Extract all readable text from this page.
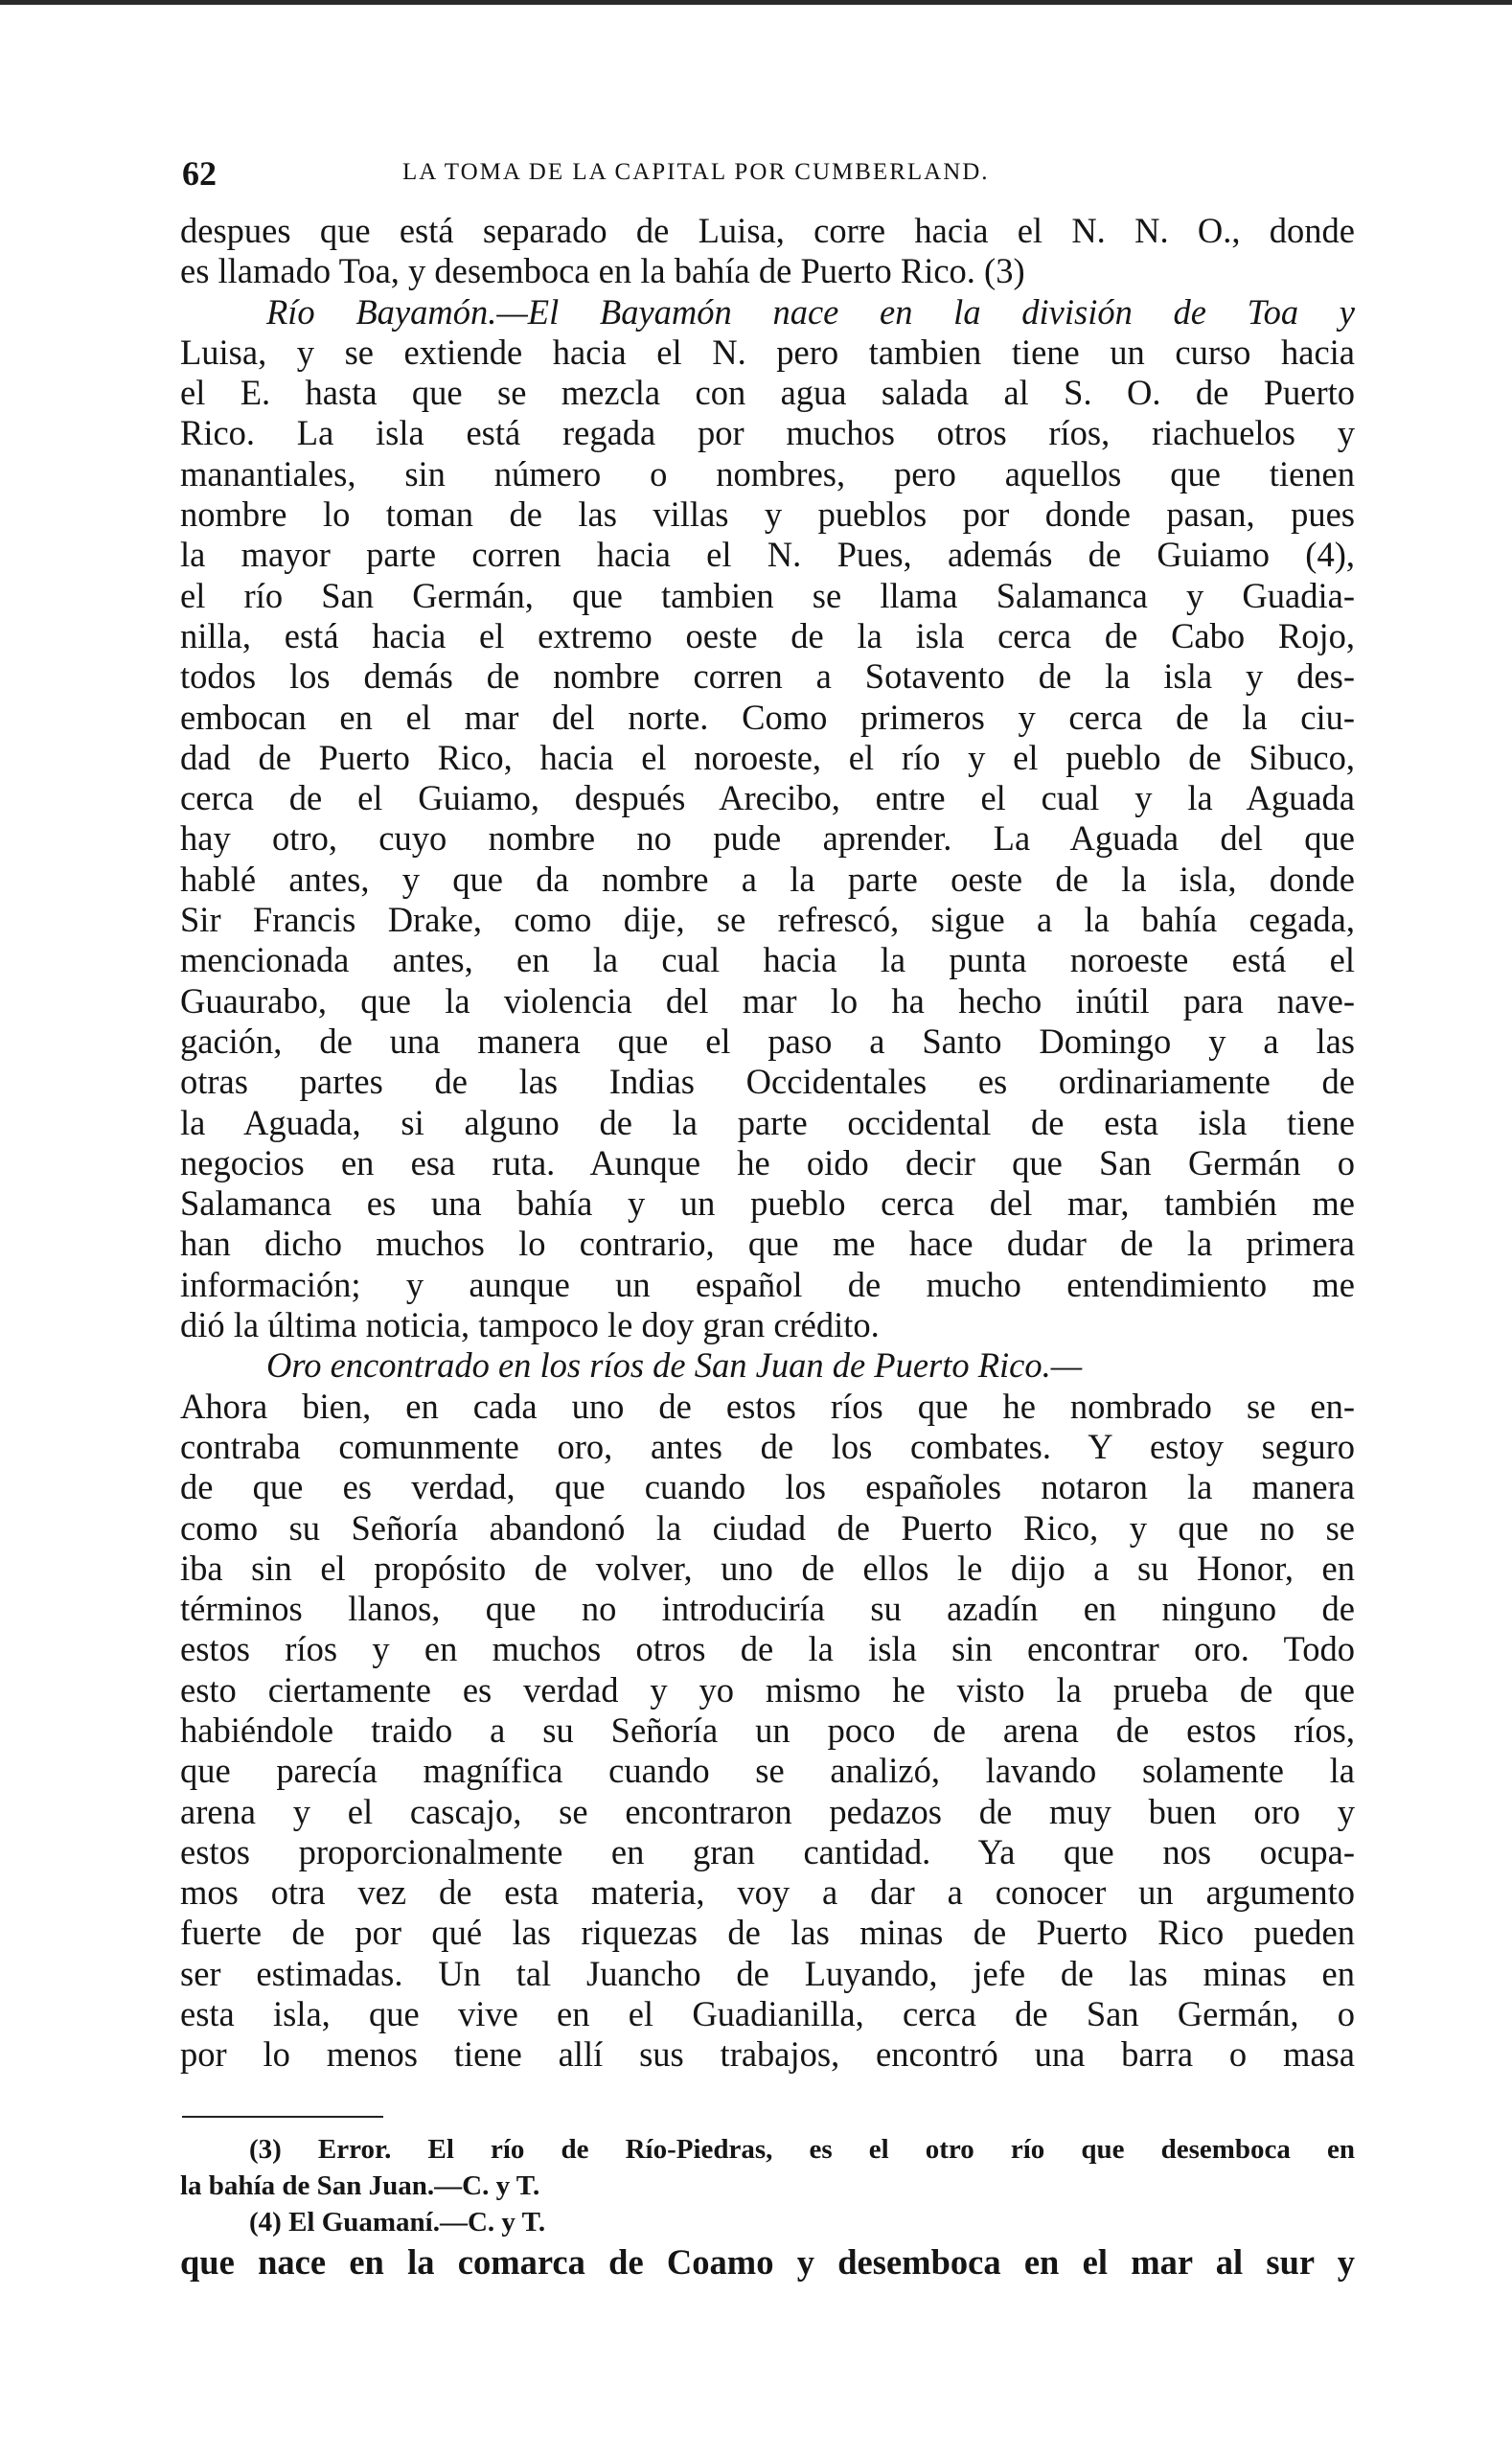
62	LA TOMA DE LA CAPITAL POR CUMBERLAND.
despues que está separado de Luisa, corre hacia el N. N. O., donde
es llamado Toa, y desemboca en la bahía de Puerto Rico. (3)
Río Bayamón.—El Bayamón nace en la división de Toa y
Luisa, y se extiende hacia el N. pero tambien tiene un curso hacia
el E. hasta que se mezcla con agua salada al S. O. de Puerto
Rico. La isla está regada por muchos otros ríos, riachuelos y
manantiales, sin número o nombres, pero aquellos que tienen
nombre lo toman de las villas y pueblos por donde pasan, pues
la mayor parte corren hacia el N. Pues, además de Guiamo (4),
el río San Germán, que tambien se llama Salamanca y Guadia-
nilla, está hacia el extremo oeste de la isla cerca de Cabo Rojo,
todos los demás de nombre corren a Sotavento de la isla y des-
embocan en el mar del norte. Como primeros y cerca de la ciu-
dad de Puerto Rico, hacia el noroeste, el río y el pueblo de Sibuco,
cerca de el Guiamo, después Arecibo, entre el cual y la Aguada
hay otro, cuyo nombre no pude aprender. La Aguada del que
hablé antes, y que da nombre a la parte oeste de la isla, donde
Sir Francis Drake, como dije, se refrescó, sigue a la bahía cegada,
mencionada antes, en la cual hacia la punta noroeste está el
Guaurabo, que la violencia del mar lo ha hecho inútil para nave-
gación, de una manera que el paso a Santo Domingo y a las
otras partes de las Indias Occidentales es ordinariamente de
la Aguada, si alguno de la parte occidental de esta isla tiene
negocios en esa ruta. Aunque he oido decir que San Germán o
Salamanca es una bahía y un pueblo cerca del mar, también me
han dicho muchos lo contrario, que me hace dudar de la primera
información; y aunque un español de mucho entendimiento me
dió la última noticia, tampoco le doy gran crédito.
Oro encontrado en los ríos de San Juan de Puerto Rico.—
Ahora bien, en cada uno de estos ríos que he nombrado se en-
contraba comunmente oro, antes de los combates. Y estoy seguro
de que es verdad, que cuando los españoles notaron la manera
como su Señoría abandonó la ciudad de Puerto Rico, y que no se
iba sin el propósito de volver, uno de ellos le dijo a su Honor, en
términos llanos, que no introduciría su azadín en ninguno de
estos ríos y en muchos otros de la isla sin encontrar oro. Todo
esto ciertamente es verdad y yo mismo he visto la prueba de que
habiéndole traido a su Señoría un poco de arena de estos ríos,
que parecía magnífica cuando se analizó, lavando solamente la
arena y el cascajo, se encontraron pedazos de muy buen oro y
estos proporcionalmente en gran cantidad. Ya que nos ocupa-
mos otra vez de esta materia, voy a dar a conocer un argumento
fuerte de por qué las riquezas de las minas de Puerto Rico pueden
ser estimadas. Un tal Juancho de Luyando, jefe de las minas en
esta isla, que vive en el Guadianilla, cerca de San Germán, o
por lo menos tiene allí sus trabajos, encontró una barra o masa
(3) Error. El río de Río-Piedras, es el otro río que desemboca en
la bahía de San Juan.—C. y T.
(4) El Guamaní.—C. y T.
que nace en la comarca de Coamo y desemboca en el mar al sur y
